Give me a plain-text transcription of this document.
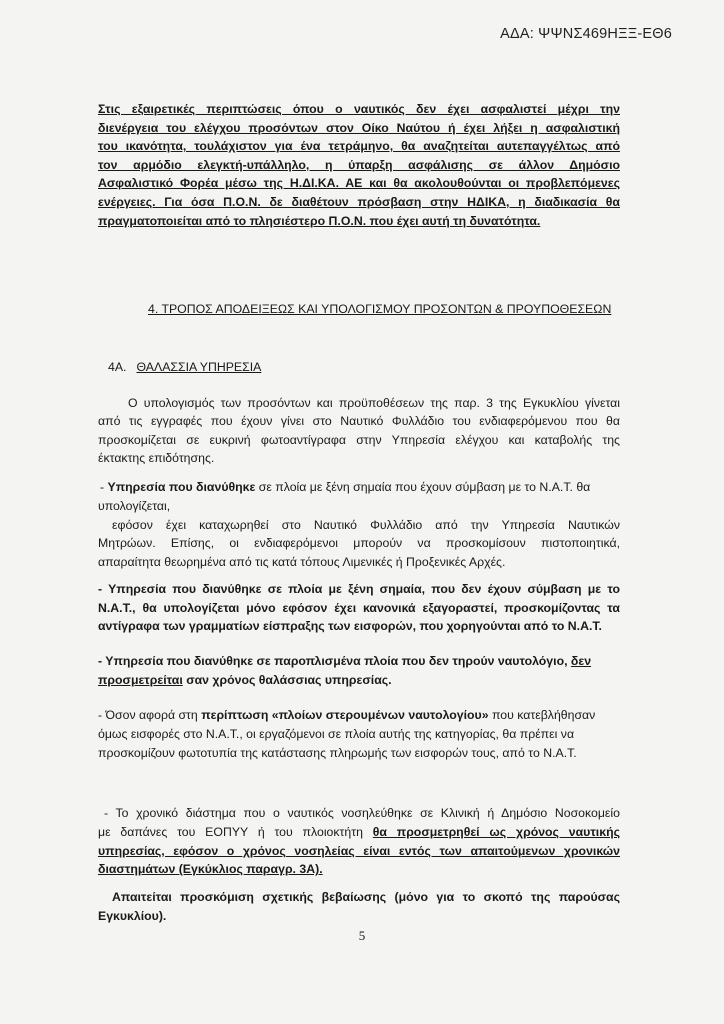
ΑΔΑ: ΨΨΝΣ469ΗΞΞ-ΕΘ6
Στις εξαιρετικές περιπτώσεις όπου ο ναυτικός δεν έχει ασφαλιστεί μέχρι την
διενέργεια του ελέγχου προσόντων στον Οίκο Ναύτου ή έχει λήξει η ασφαλιστική
του ικανότητα, τουλάχιστον για ένα τετράμηνο, θα αναζητείται αυτεπαγγέλτως από
τον αρμόδιο ελεγκτή-υπάλληλο, η ύπαρξη ασφάλισης σε άλλον Δημόσιο
Ασφαλιστικό Φορέα μέσω της Η.ΔΙ.ΚΑ. ΑΕ και θα ακολουθούνται οι προβλεπόμενες
ενέργειες. Για όσα Π.Ο.Ν. δε διαθέτουν πρόσβαση στην ΗΔΙΚΑ, η διαδικασία θα
πραγματοποιείται από το πλησιέστερο Π.Ο.Ν. που έχει αυτή τη δυνατότητα.
4. ΤΡΟΠΟΣ ΑΠΟΔΕΙΞΕΩΣ ΚΑΙ ΥΠΟΛΟΓΙΣΜΟΥ ΠΡΟΣΟΝΤΩΝ & ΠΡΟΥΠΟΘΕΣΕΩΝ
4Α. ΘΑΛΑΣΣΙΑ ΥΠΗΡΕΣΙΑ
Ο υπολογισμός των προσόντων και προϋποθέσεων της παρ. 3 της Εγκυκλίου γίνεται
από τις εγγραφές που έχουν γίνει στο Ναυτικό Φυλλάδιο του ενδιαφερόμενου που θα
προσκομίζεται σε ευκρινή φωτοαντίγραφα στην Υπηρεσία ελέγχου και καταβολής της
έκτακτης επιδότησης.
- Υπηρεσία που διανύθηκε σε πλοία με ξένη σημαία που έχουν σύμβαση με το Ν.Α.Τ. θα
υπολογίζεται,
εφόσον έχει καταχωρηθεί στο Ναυτικό Φυλλάδιο από την Υπηρεσία Ναυτικών
Μητρώων. Επίσης, οι ενδιαφερόμενοι μπορούν να προσκομίσουν πιστοποιητικά,
απαραίτητα θεωρημένα από τις κατά τόπους Λιμενικές ή Προξενικές Αρχές.
- Υπηρεσία που διανύθηκε σε πλοία με ξένη σημαία, που δεν έχουν σύμβαση με το
Ν.Α.Τ., θα υπολογίζεται μόνο εφόσον έχει κανονικά εξαγοραστεί, προσκομίζοντας τα
αντίγραφα των γραμματίων είσπραξης των εισφορών, που χορηγούνται από το Ν.Α.Τ.
- Υπηρεσία που διανύθηκε σε παροπλισμένα πλοία που δεν τηρούν ναυτολόγιο, δεν
προσμετρείται σαν χρόνος θαλάσσιας υπηρεσίας.
- Όσον αφορά στη περίπτωση «πλοίων στερουμένων ναυτολογίου» που κατεβλήθησαν
όμως εισφορές στο Ν.Α.Τ., οι εργαζόμενοι σε πλοία αυτής της κατηγορίας, θα πρέπει να
προσκομίζουν φωτοτυπία της κατάστασης πληρωμής των εισφορών τους, από το Ν.Α.Τ.
- Το χρονικό διάστημα που ο ναυτικός νοσηλεύθηκε σε Κλινική ή Δημόσιο Νοσοκομείο
με δαπάνες του ΕΟΠΥΥ ή του πλοιοκτήτη θα προσμετρηθεί ως χρόνος ναυτικής
υπηρεσίας, εφόσον ο χρόνος νοσηλείας είναι εντός των απαιτούμενων χρονικών
διαστημάτων (Εγκύκλιος παραγρ. 3Α).
Απαιτείται προσκόμιση σχετικής βεβαίωσης (μόνο για το σκοπό της παρούσας
Εγκυκλίου).
5
